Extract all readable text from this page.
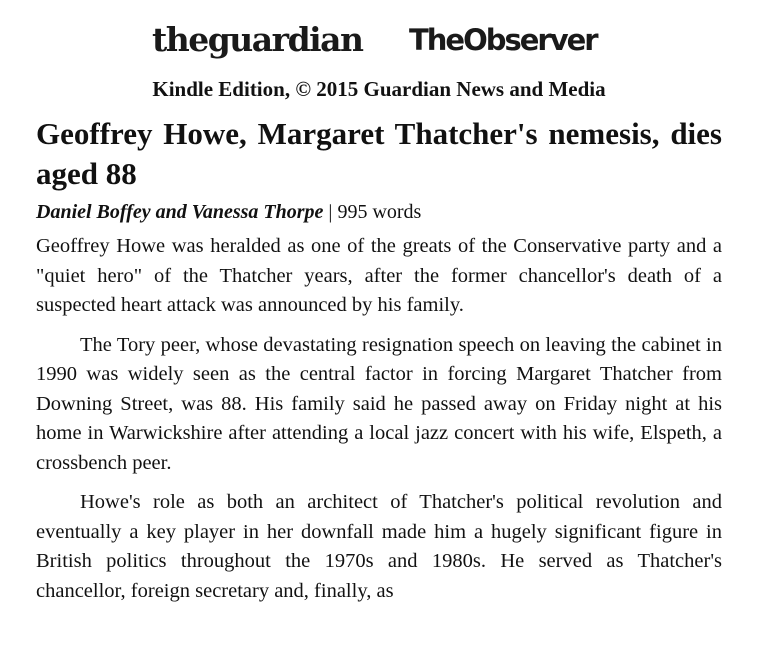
theguardian TheObserver
Kindle Edition, © 2015 Guardian News and Media
Geoffrey Howe, Margaret Thatcher's nemesis, dies aged 88
Daniel Boffey and Vanessa Thorpe | 995 words

Geoffrey Howe was heralded as one of the greats of the Conservative party and a "quiet hero" of the Thatcher years, after the former chancellor's death of a suspected heart attack was announced by his family.

The Tory peer, whose devastating resignation speech on leaving the cabinet in 1990 was widely seen as the central factor in forcing Margaret Thatcher from Downing Street, was 88. His family said he passed away on Friday night at his home in Warwickshire after attending a local jazz concert with his wife, Elspeth, a crossbench peer.

Howe's role as both an architect of Thatcher's political revolution and eventually a key player in her downfall made him a hugely significant figure in British politics throughout the 1970s and 1980s. He served as Thatcher's chancellor, foreign secretary and, finally, as
